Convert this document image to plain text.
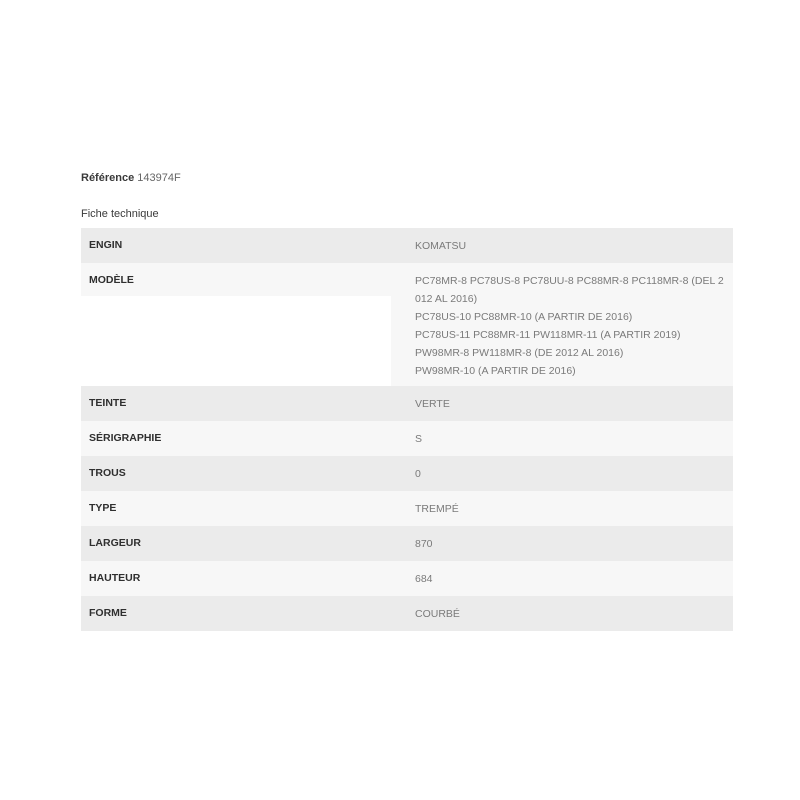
Référence 143974F

Fiche technique

ENGIN	KOMATSU
MODÈLE	PC78MR-8 PC78US-8 PC78UU-8 PC88MR-8 PC118MR-8 (DEL 2012 AL 2016)
PC78US-10 PC88MR-10 (A PARTIR DE 2016)
PC78US-11 PC88MR-11 PW118MR-11 (A PARTIR 2019)
PW98MR-8 PW118MR-8 (DE 2012 AL 2016)
PW98MR-10 (A PARTIR DE 2016)
TEINTE	VERTE
SÉRIGRAPHIE	S
TROUS	0
TYPE	TREMPÉ
LARGEUR	870
HAUTEUR	684
FORME	COURBÉ
